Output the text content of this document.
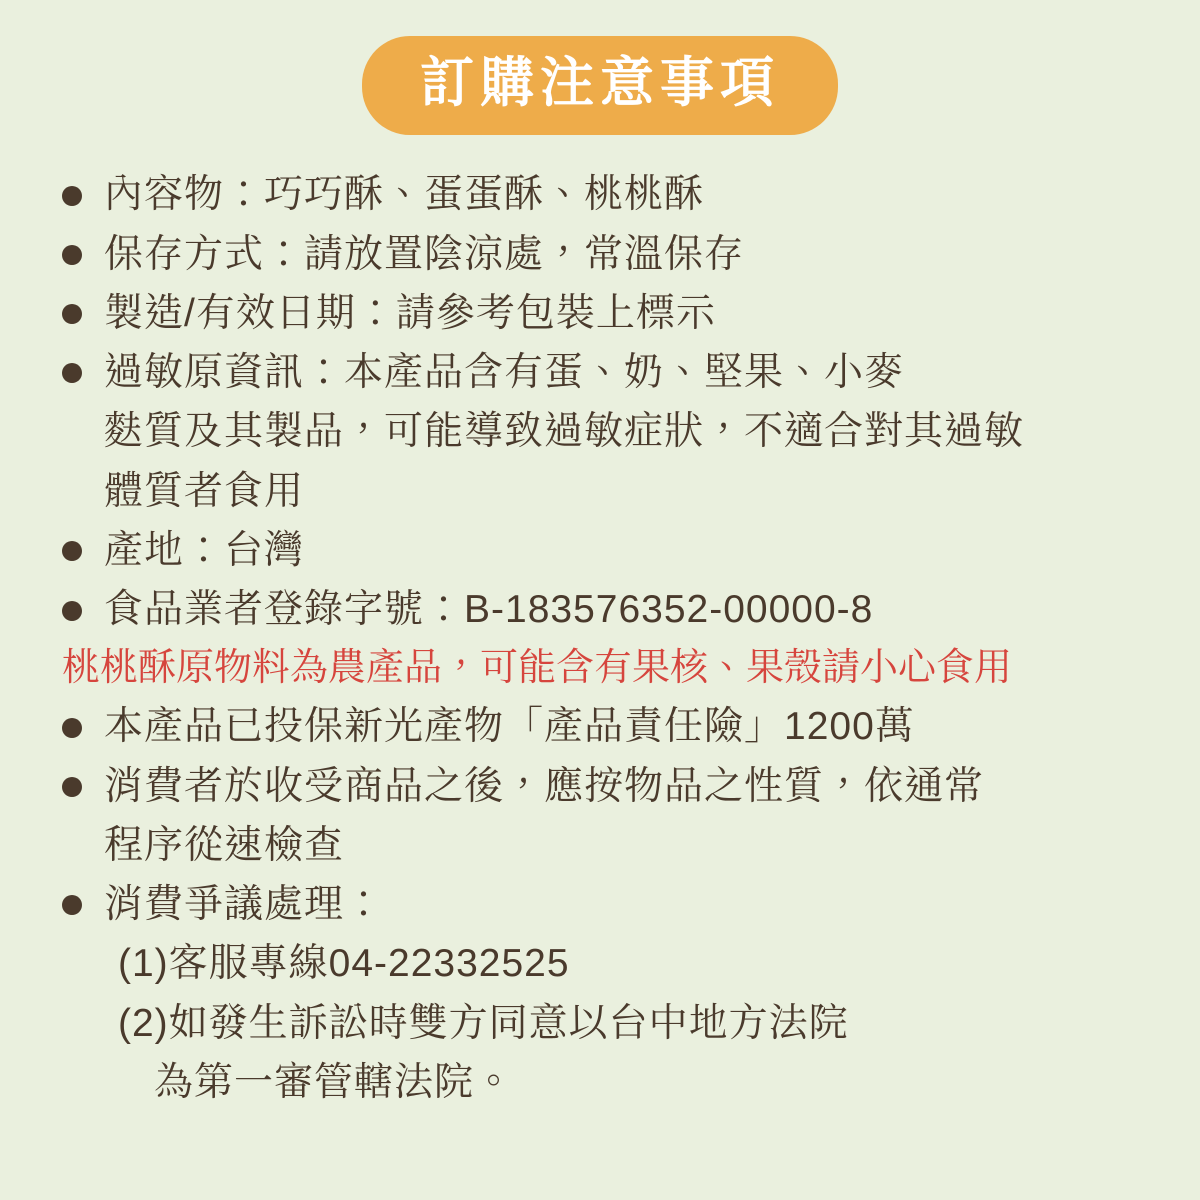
訂購注意事項
內容物：巧巧酥、蛋蛋酥、桃桃酥
保存方式：請放置陰涼處，常溫保存
製造/有效日期：請參考包裝上標示
過敏原資訊：本產品含有蛋、奶、堅果、小麥
麩質及其製品，可能導致過敏症狀，不適合對其過敏
體質者食用
產地：台灣
食品業者登錄字號：B-183576352-00000-8
桃桃酥原物料為農產品，可能含有果核、果殼請小心食用
本產品已投保新光產物「產品責任險」1200萬
消費者於收受商品之後，應按物品之性質，依通常
程序從速檢查
消費爭議處理：
(1)客服專線04-22332525
(2)如發生訴訟時雙方同意以台中地方法院
為第一審管轄法院。
